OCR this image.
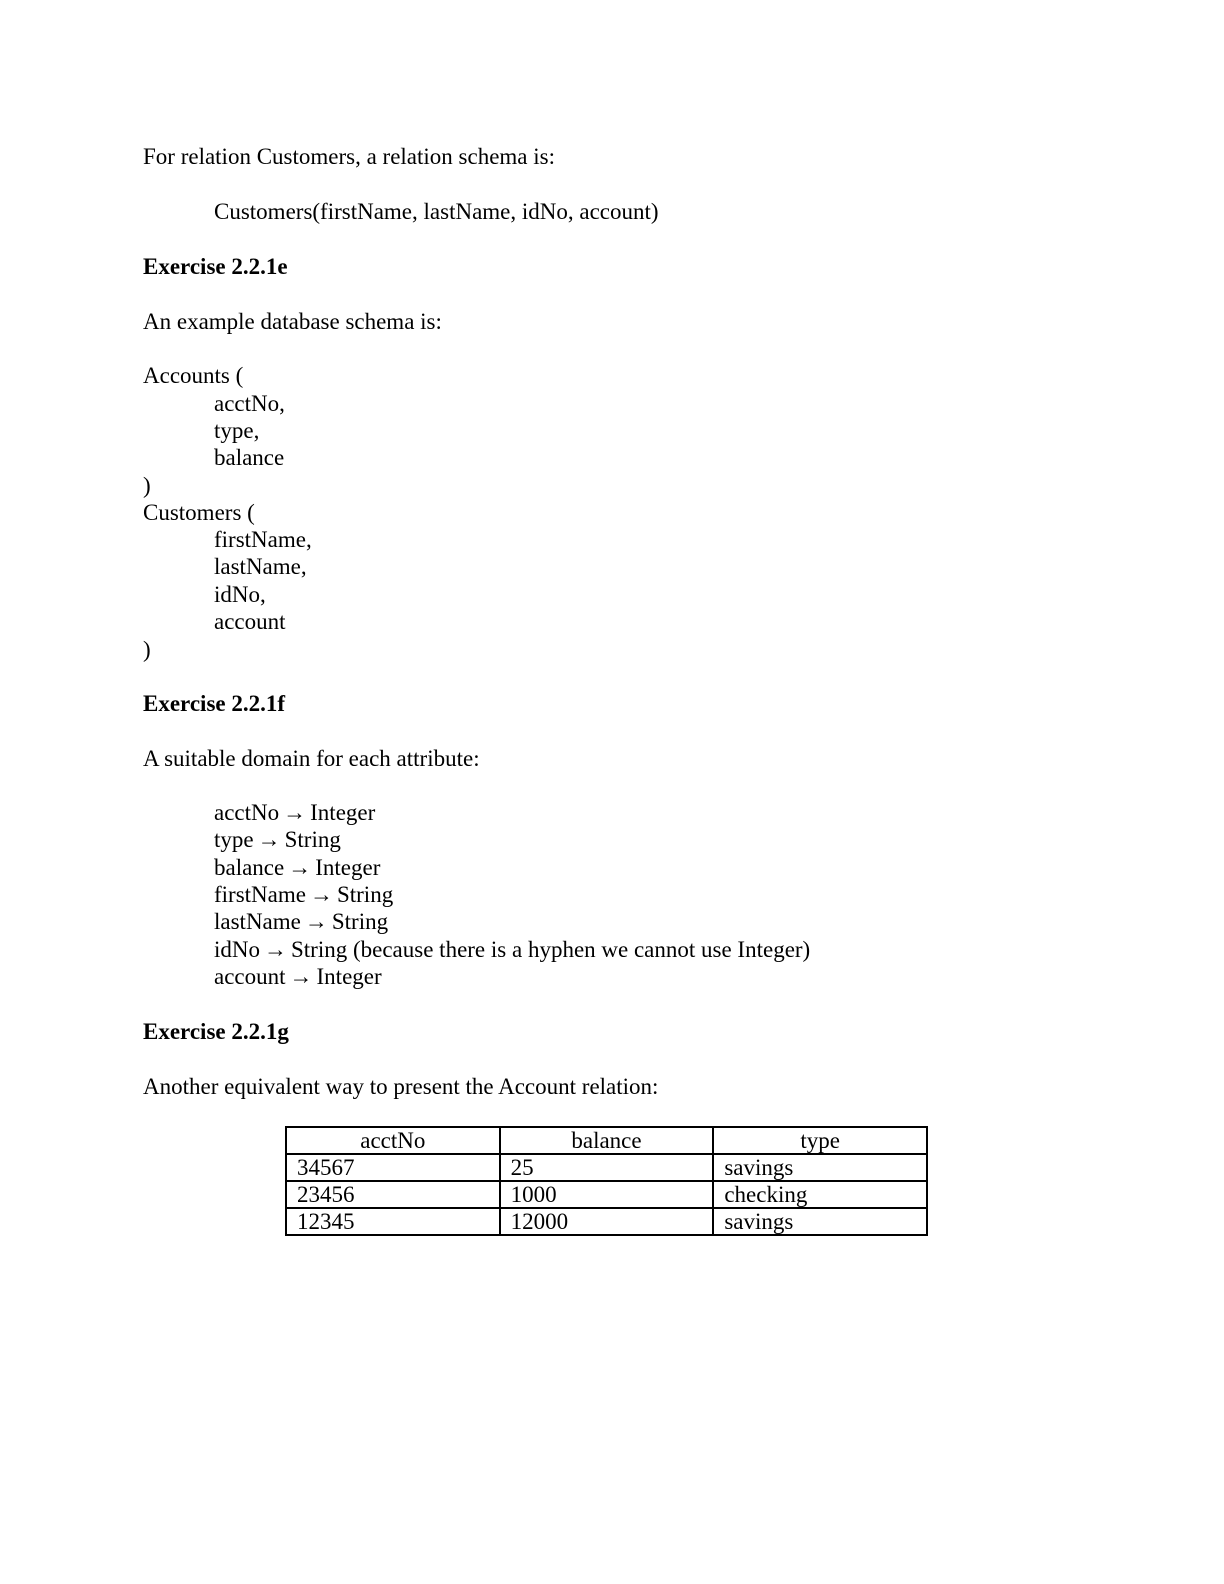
For relation Customers, a relation schema is:
Customers(firstName, lastName, idNo, account)
Exercise 2.2.1e
An example database schema is:
Accounts (
acctNo,
type,
balance
)
Customers (
firstName,
lastName,
idNo,
account
)
Exercise 2.2.1f
A suitable domain for each attribute:
acctNo → Integer
type → String
balance → Integer
firstName → String
lastName → String
idNo → String (because there is a hyphen we cannot use Integer)
account → Integer
Exercise 2.2.1g
Another equivalent way to present the Account relation:
acctNo	balance	type
34567	25	savings
23456	1000	checking
12345	12000	savings
